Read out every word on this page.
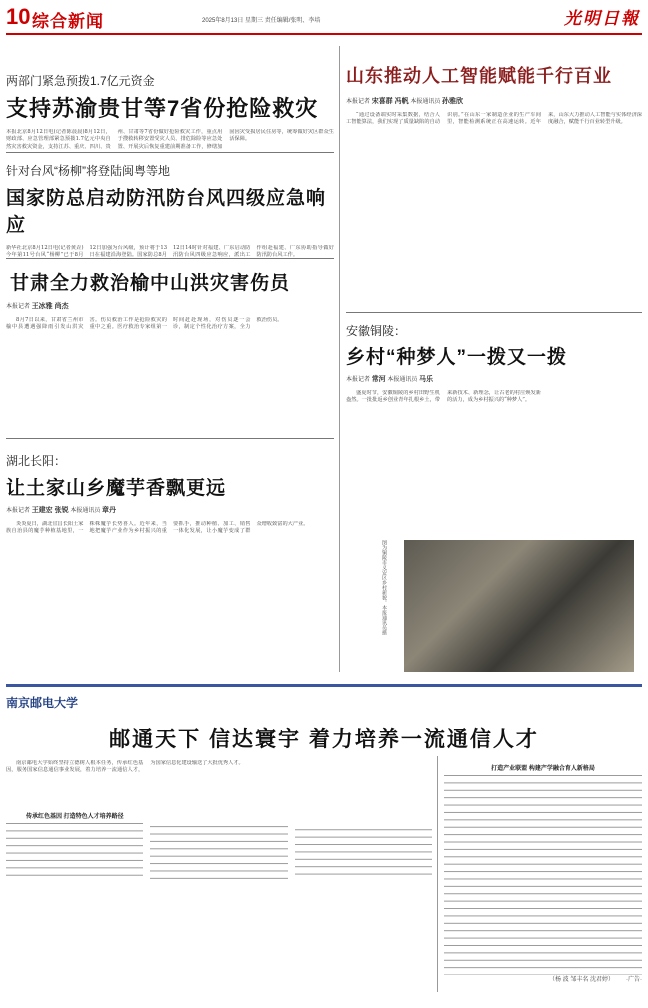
10 综合新闻	2025年8月13日 星期三 责任编辑/张明、李培	光明日報
两部门紧急预拨1.7亿元资金
支持苏渝贵甘等7省份抢险救灾
本报北京8月12日电(记者陈晨晨)8月12日，财政部、应急管理部紧急预拨1.7亿元中央自然灾害救灾资金，支持江苏、重庆、四川、贵州、甘肃等7省份做好抢险救灾工作，重点用于搜救转移安置受灾人员、排危除险等应急处置、开展灾后恢复重建前期准备工作，修缮加固因灾受损居民住房等，统筹做好灾区群众生活保障。
针对台风“杨柳”将登陆闽粤等地
国家防总启动防汛防台风四级应急响应
新华社北京8月12日电(记者黄垚)今年第11号台风“杨柳”已于8月12日加强为台风级，预计将于13日在福建沿海登陆。国家防总8月12日14时针对福建、广东启动防汛防台风四级应急响应，派出工作组赴福建、广东协助指导做好防汛防台风工作。
甘肃全力救治榆中山洪灾害伤员
本报记者 王冰雅 尚杰

8月7日以来，甘肃省兰州市榆中县遭遇强降雨引发山洪灾害。伤员救治工作是抢险救灾的重中之重。医疗救治专家组第一时间赶赴现场，对伤员逐一会诊，制定个性化治疗方案，全力救治伤员。

湖北长阳：
让土家山乡魔芋香飘更远
本报记者 王建宏 张锐 本报通讯员 章丹

炎炎夏日，湖北宜昌长阳土家族自治县的魔芋种植基地里，一株株魔芋长势喜人。近年来，当地把魔芋产业作为乡村振兴的重要抓手，推动种植、加工、销售一体化发展，让小魔芋变成了群众增收致富的大产业。

山东推动人工智能赋能千行百业
本报记者 宋喜群 冯帆 本报通讯员 孙雅欣

“通过设备端实时采集数据，结合人工智能算法，我们实现了质量缺陷的自动识别。”在山东一家制造企业的生产车间里，智能检测系统正在高速运转。近年来，山东大力推动人工智能与实体经济深度融合，赋能千行百业转型升级。

安徽铜陵：
乡村“种梦人”一拨又一拨
本报记者 常河 本报通讯员 马乐

盛夏时节，安徽铜陵的乡村田野生机盎然。一批批返乡创业青年扎根乡土，带来新技术、新理念，让古老的村庄焕发新的活力，成为乡村振兴的“种梦人”。

图为铜陵市义安区乡村新貌。本报通讯员摄
南京邮电大学
邮通天下 信达寰宇 着力培养一流通信人才

南京邮电大学始终坚持立德树人根本任务，传承红色基因，服务国家信息通信事业发展，着力培养一流通信人才，为国家信息化建设输送了大批优秀人才。

传承红色基因 打造特色人才培养路径
打造产业联盟 构建产学融合育人新格局
（杨 波 邹丰名 沈君婷） ·广告·
